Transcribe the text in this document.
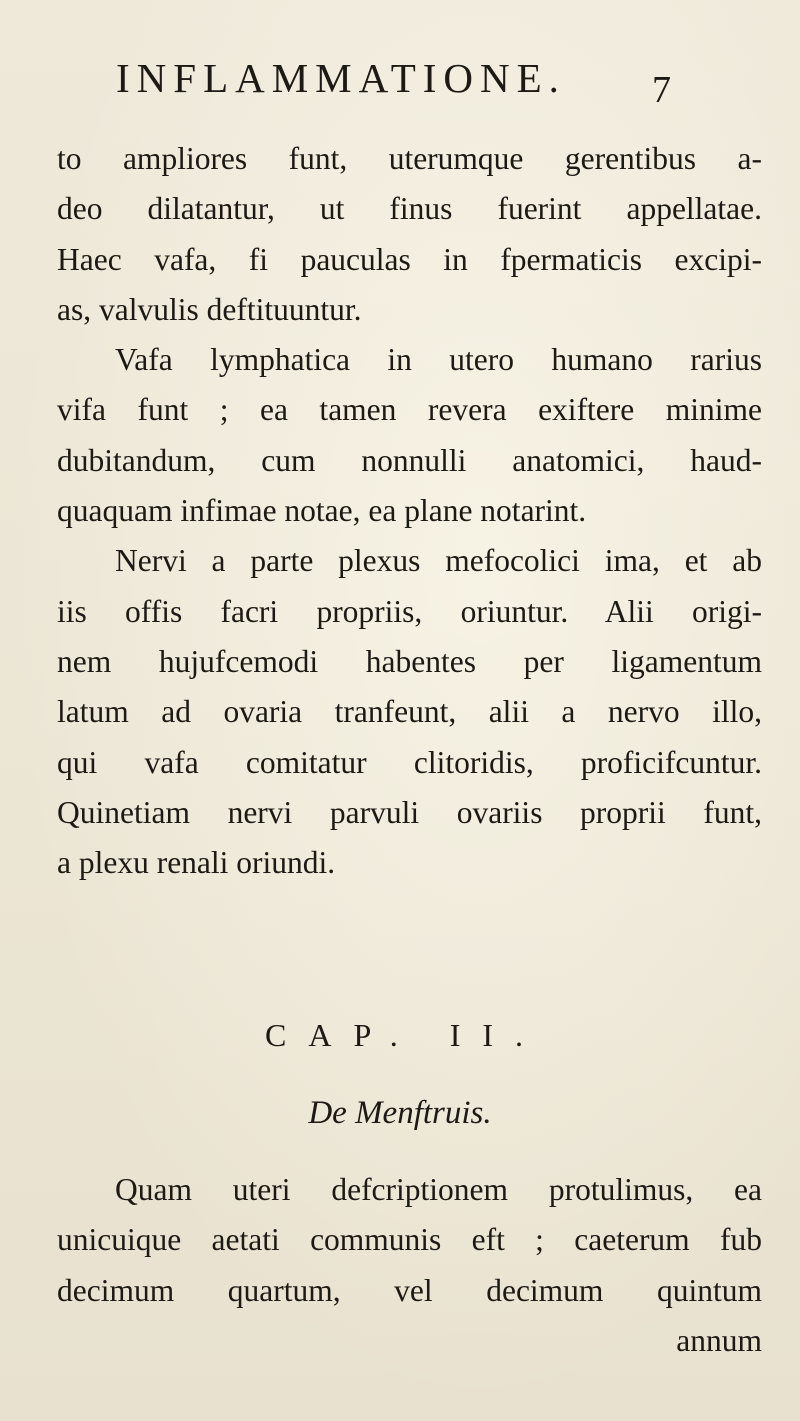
INFLAMMATIONE. 7
to ampliores funt, uterumque gerentibus a-
deo dilatantur, ut finus fuerint appellatae.
Haec vafa, fi pauculas in fpermaticis excipi-
as, valvulis deftituuntur.
Vafa lymphatica in utero humano rarius
vifa funt ; ea tamen revera exiftere minime
dubitandum, cum nonnulli anatomici, haud-
quaquam infimae notae, ea plane notarint.
Nervi a parte plexus mefocolici ima, et ab
iis offis facri propriis, oriuntur. Alii origi-
nem hujufcemodi habentes per ligamentum
latum ad ovaria tranfeunt, alii a nervo illo,
qui vafa comitatur clitoridis, proficifcuntur.
Quinetiam nervi parvuli ovariis proprii funt,
a plexu renali oriundi.
CAP. II.
De Menftruis.
Quam uteri defcriptionem protulimus, ea
unicuique aetati communis eft ; caeterum fub
decimum quartum, vel decimum quintum
annum
